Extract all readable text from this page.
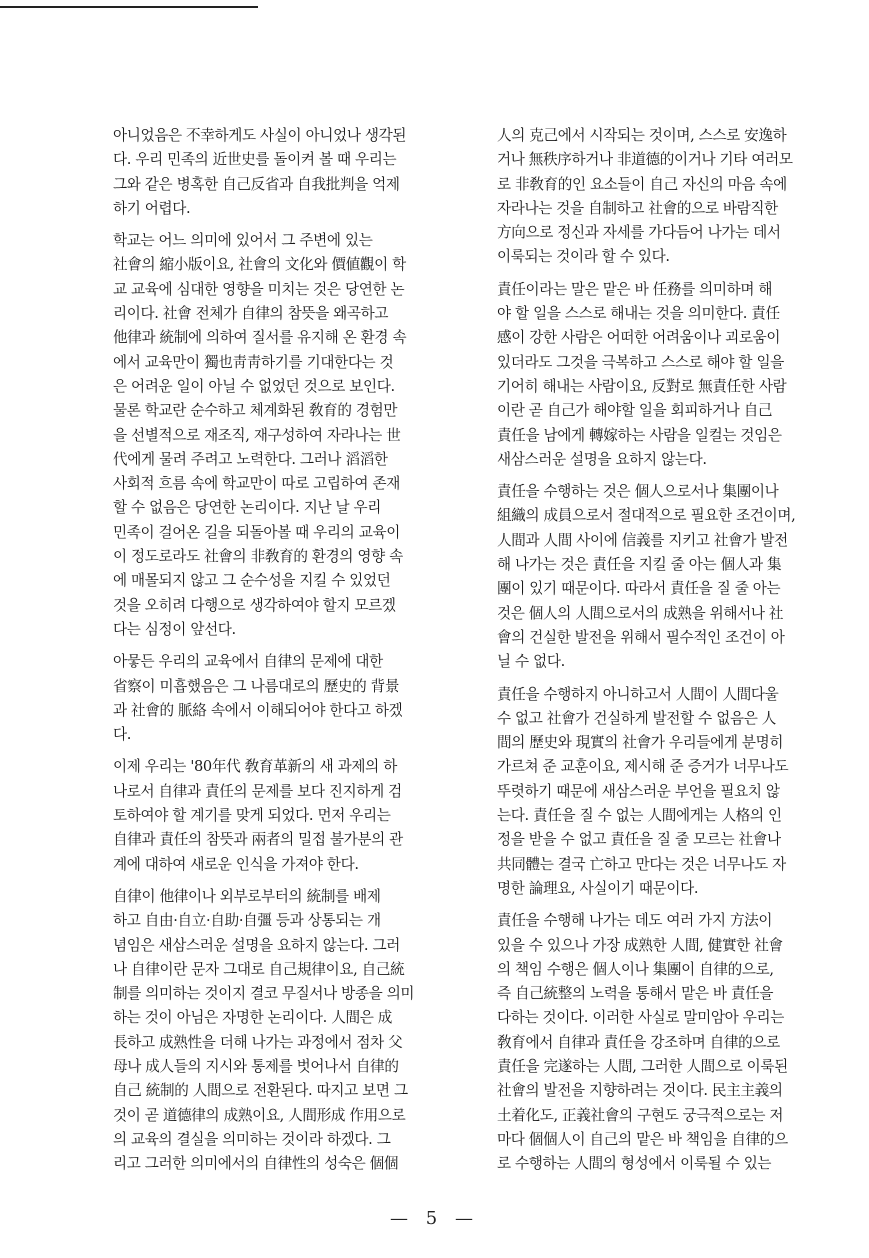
아니었음은 不幸하게도 사실이 아니었나 생각된
다. 우리 민족의 近世史를 돌이켜 볼 때 우리는
그와 같은 병혹한 自己反省과 自我批判을 억제
하기 어렵다.
학교는 어느 의미에 있어서 그 주변에 있는
社會의 縮小版이요, 社會의 文化와 價値觀이 학
교 교육에 심대한 영향을 미치는 것은 당연한 논
리이다. 社會 전체가 自律의 참뜻을 왜곡하고
他律과 統制에 의하여 질서를 유지해 온 환경 속
에서 교육만이 獨也靑靑하기를 기대한다는 것
은 어려운 일이 아닐 수 없었던 것으로 보인다.
물론 학교란 순수하고 체계화된 敎育的 경험만
을 선별적으로 재조직, 재구성하여 자라나는 世
代에게 물려 주려고 노력한다. 그러나 滔滔한
사회적 흐름 속에 학교만이 따로 고립하여 존재
할 수 없음은 당연한 논리이다. 지난 날 우리
민족이 걸어온 길을 되돌아볼 때 우리의 교육이
이 정도로라도 社會의 非敎育的 환경의 영향 속
에 매몰되지 않고 그 순수성을 지킬 수 있었던
것을 오히려 다행으로 생각하여야 할지 모르겠
다는 심정이 앞선다.
아뭏든 우리의 교육에서 自律의 문제에 대한
省察이 미흡했음은 그 나름대로의 歷史的 背景
과 社會的 脈絡 속에서 이해되어야 한다고 하겠
다.
이제 우리는 '80年代 敎育革新의 새 과제의 하
나로서 自律과 責任의 문제를 보다 진지하게 검
토하여야 할 계기를 맞게 되었다. 먼저 우리는
自律과 責任의 참뜻과 兩者의 밀접 불가분의 관
계에 대하여 새로운 인식을 가져야 한다.
自律이 他律이나 외부로부터의 統制를 배제
하고 自由·自立·自助·自彊 등과 상통되는 개
념임은 새삼스러운 설명을 요하지 않는다. 그러
나 自律이란 문자 그대로 自己規律이요, 自己統
制를 의미하는 것이지 결코 무질서나 방종을 의미
하는 것이 아님은 자명한 논리이다. 人間은 成
長하고 成熟性을 더해 나가는 과정에서 점차 父
母나 成人들의 지시와 통제를 벗어나서 自律的
自己 統制的 人間으로 전환된다. 따지고 보면 그
것이 곧 道德律의 成熟이요, 人間形成 作用으로
의 교육의 결실을 의미하는 것이라 하겠다. 그
리고 그러한 의미에서의 自律性의 성숙은 個個
人의 克己에서 시작되는 것이며, 스스로 安逸하
거나 無秩序하거나 非道德的이거나 기타 여러모
로 非敎育的인 요소들이 自己 자신의 마음 속에
자라나는 것을 自制하고 社會的으로 바람직한
方向으로 정신과 자세를 가다듬어 나가는 데서
이룩되는 것이라 할 수 있다.
責任이라는 말은 맡은 바 任務를 의미하며 해
야 할 일을 스스로 해내는 것을 의미한다. 責任
感이 강한 사람은 어떠한 어려움이나 괴로움이
있더라도 그것을 극복하고 스스로 해야 할 일을
기어히 해내는 사람이요, 反對로 無責任한 사람
이란 곧 自己가 해야할 일을 회피하거나 自己
責任을 남에게 轉嫁하는 사람을 일컬는 것임은
새삼스러운 설명을 요하지 않는다.
責任을 수행하는 것은 個人으로서나 集團이나
組織의 成員으로서 절대적으로 필요한 조건이며,
人間과 人間 사이에 信義를 지키고 社會가 발전
해 나가는 것은 責任을 지킬 줄 아는 個人과 集
團이 있기 때문이다. 따라서 責任을 질 줄 아는
것은 個人의 人間으로서의 成熟을 위해서나 社
會의 건실한 발전을 위해서 필수적인 조건이 아
닐 수 없다.
責任을 수행하지 아니하고서 人間이 人間다울
수 없고 社會가 건실하게 발전할 수 없음은 人
間의 歷史와 現實의 社會가 우리들에게 분명히
가르쳐 준 교훈이요, 제시해 준 증거가 너무나도
뚜렷하기 때문에 새삼스러운 부언을 필요치 않
는다. 責任을 질 수 없는 人間에게는 人格의 인
정을 받을 수 없고 責任을 질 줄 모르는 社會나
共同體는 결국 亡하고 만다는 것은 너무나도 자
명한 論理요, 사실이기 때문이다.
責任을 수행해 나가는 데도 여러 가지 方法이
있을 수 있으나 가장 成熟한 人間, 健實한 社會
의 책임 수행은 個人이나 集團이 自律的으로,
즉 自己統整의 노력을 통해서 맡은 바 責任을
다하는 것이다. 이러한 사실로 말미암아 우리는
敎育에서 自律과 責任을 강조하며 自律的으로
責任을 完遂하는 人間, 그러한 人間으로 이룩된
社會의 발전을 지향하려는 것이다. 民主主義의
土着化도, 正義社會의 구현도 궁극적으로는 저
마다 個個人이 自己의 맡은 바 책임을 自律的으
로 수행하는 人間의 형성에서 이룩될 수 있는
— 5 —
